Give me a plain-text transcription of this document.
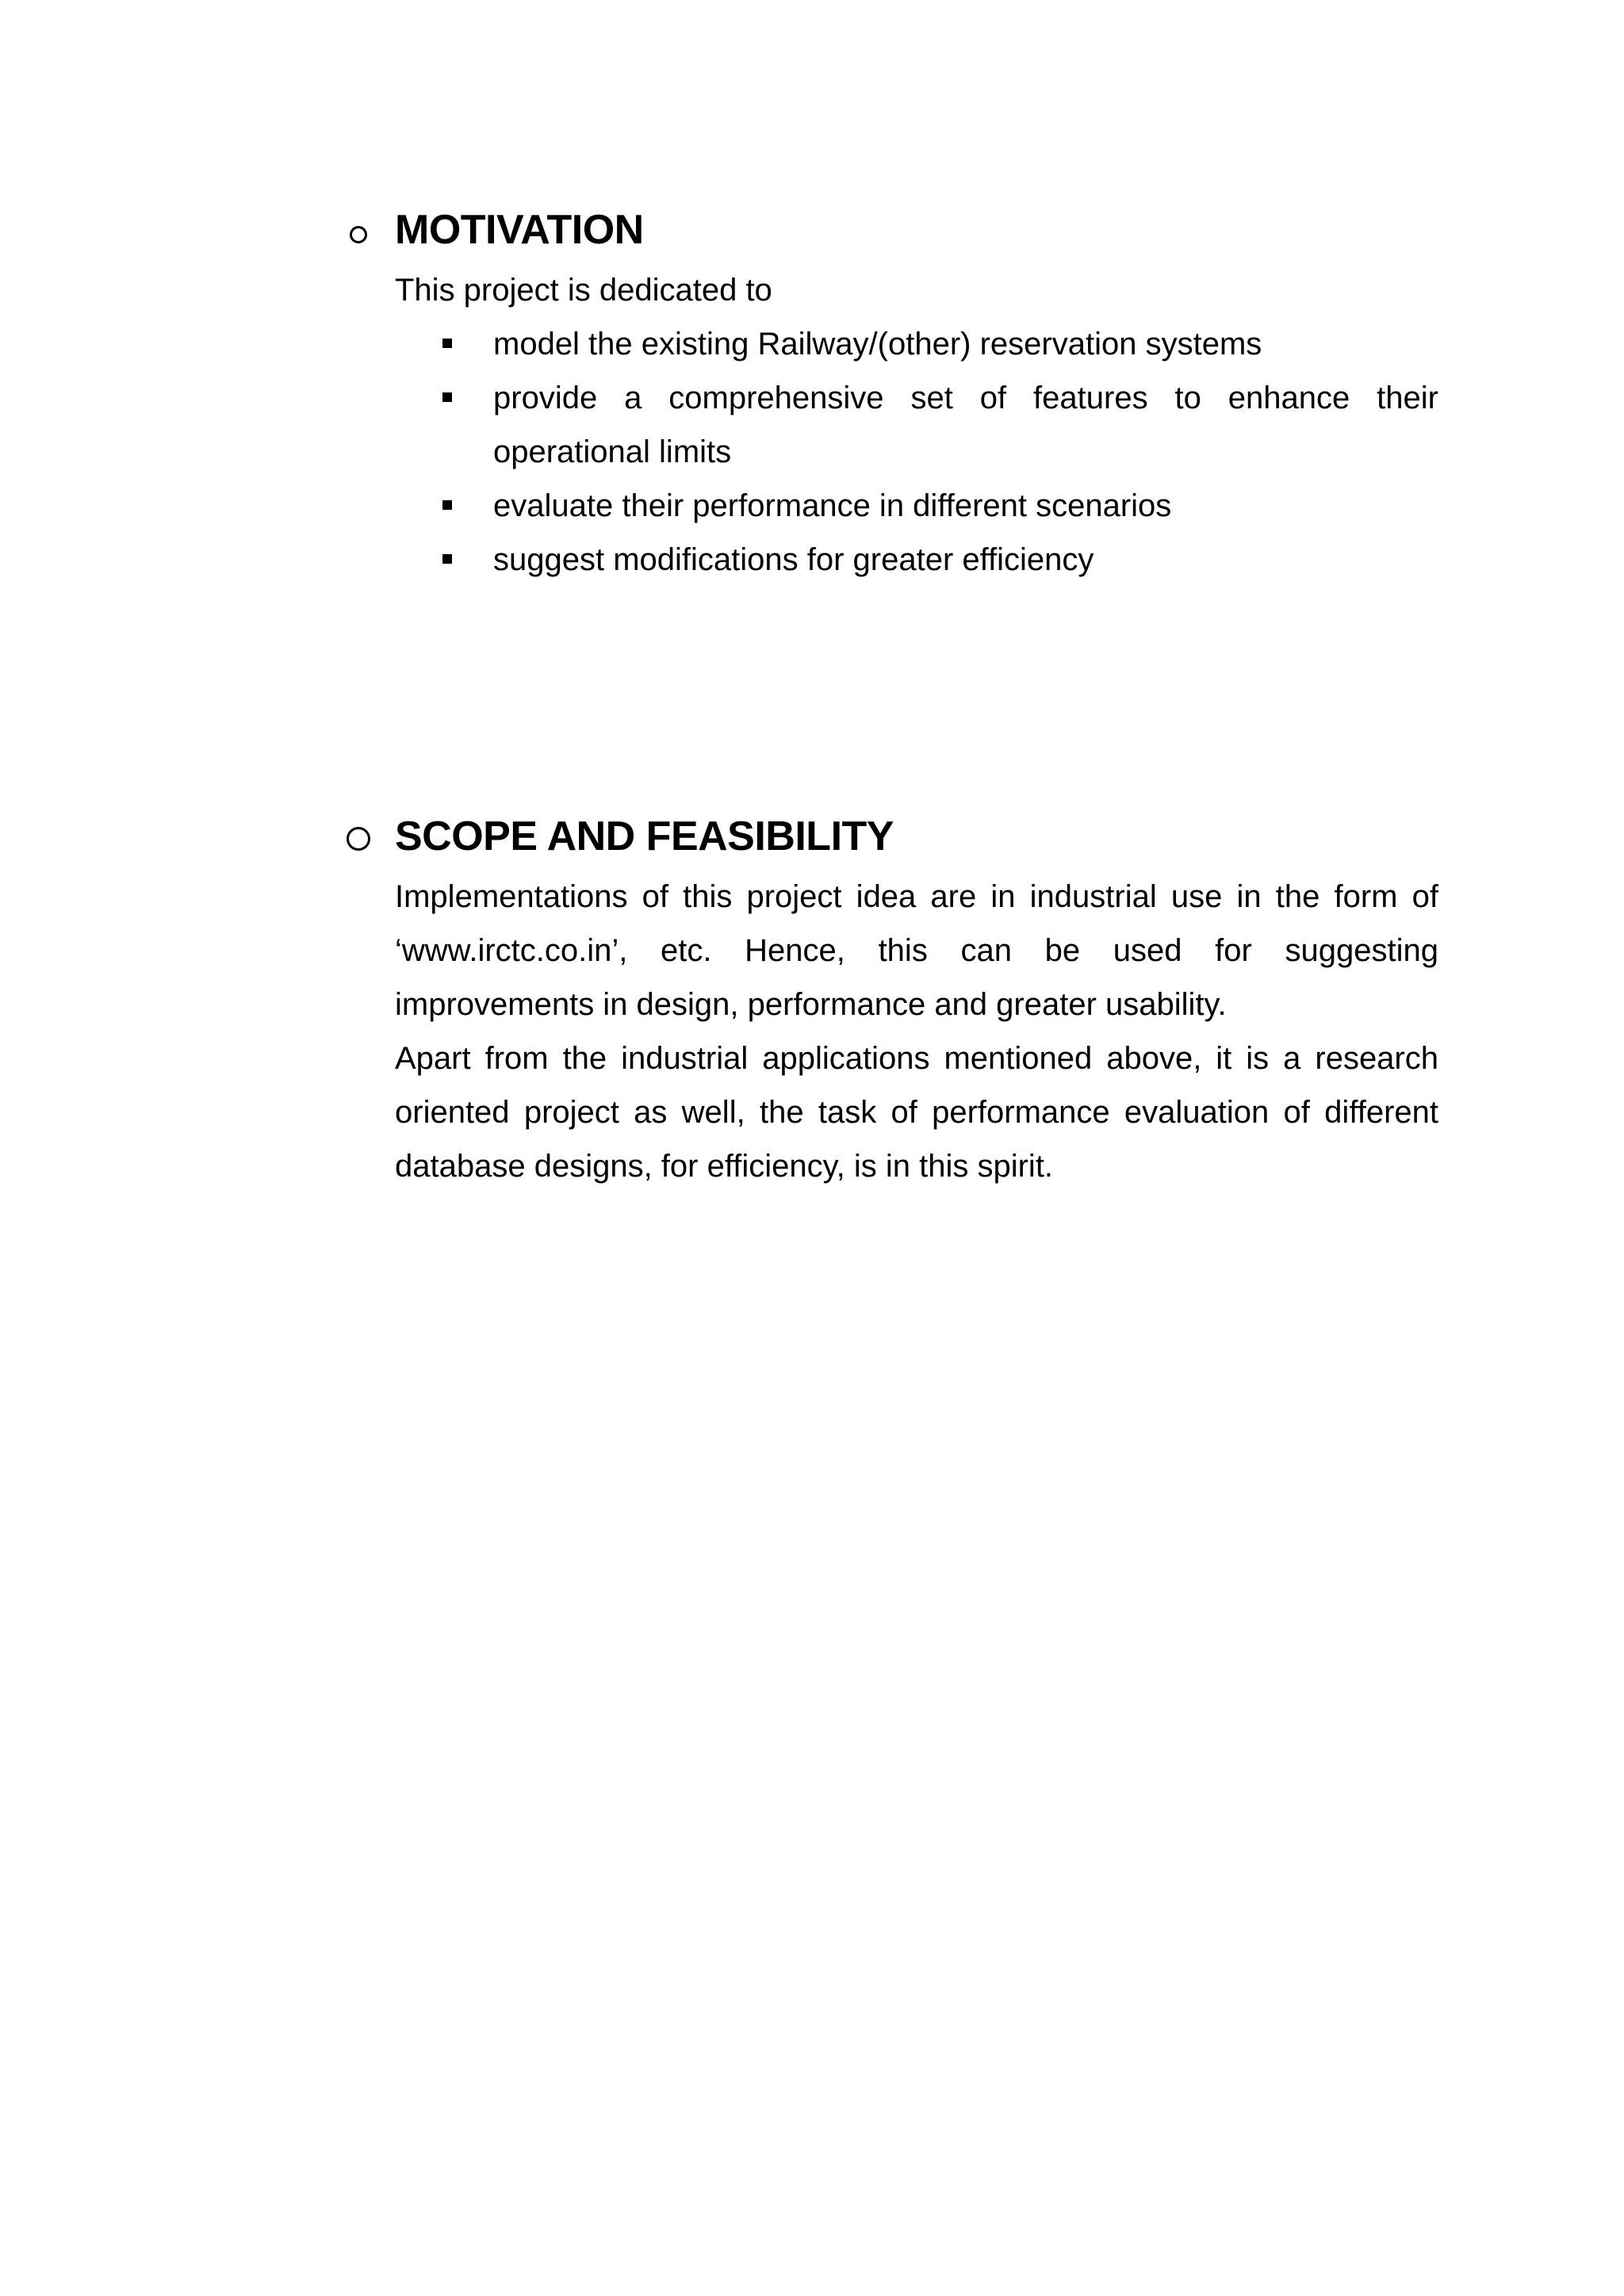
MOTIVATION
This project is dedicated to
model the existing Railway/(other) reservation systems
provide a comprehensive set of features to enhance their operational limits
evaluate their performance in different scenarios
suggest modifications for greater efficiency
SCOPE AND FEASIBILITY

Implementations of this project idea are in industrial use in the form of ‘www.irctc.co.in’, etc. Hence, this can be used for suggesting improvements in design, performance and greater usability.

Apart from the industrial applications mentioned above, it is a research oriented project as well, the task of performance evaluation of different database designs, for efficiency, is in this spirit.
